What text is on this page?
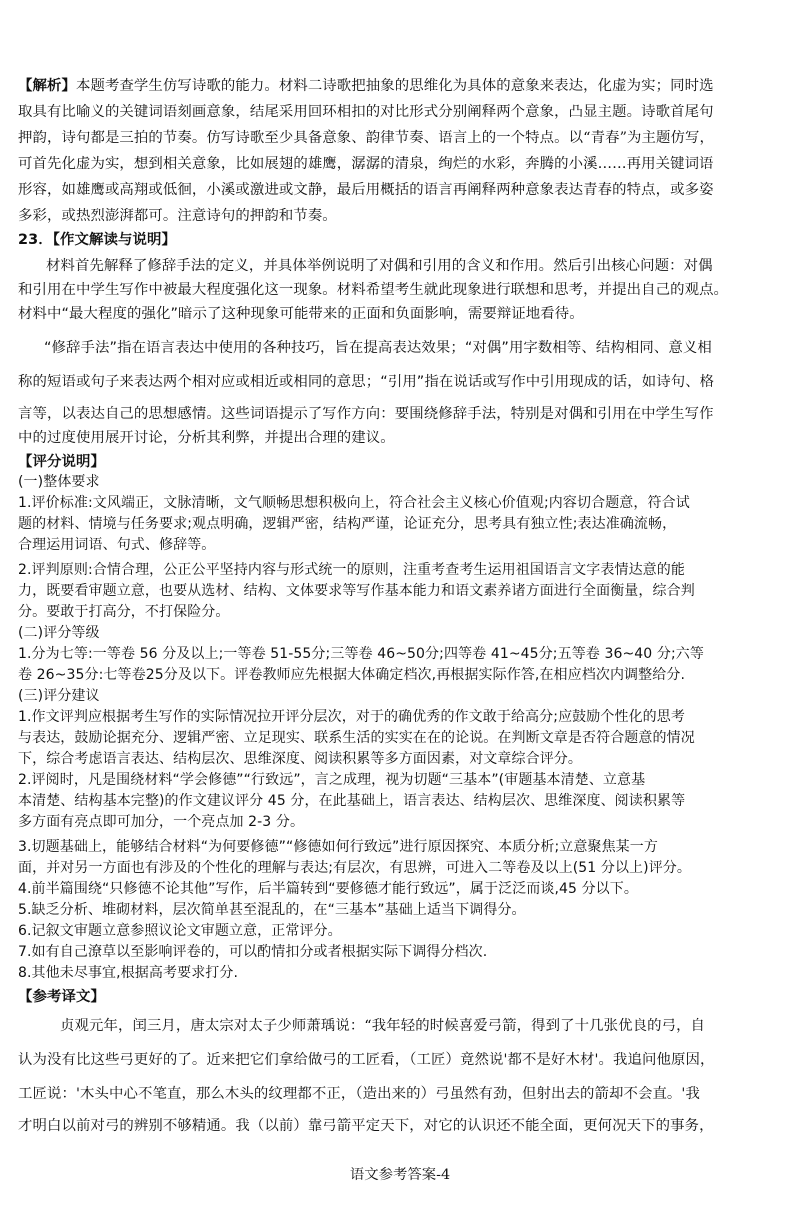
【解析】本题考查学生仿写诗歌的能力。材料二诗歌把抽象的思维化为具体的意象来表达，化虚为实；同时选
取具有比喻义的关键词语刻画意象，结尾采用回环相扣的对比形式分别阐释两个意象，凸显主题。诗歌首尾句
押韵，诗句都是三拍的节奏。仿写诗歌至少具备意象、韵律节奏、语言上的一个特点。以“青春”为主题仿写，
可首先化虚为实，想到相关意象，比如展翅的雄鹰，潺潺的清泉，绚烂的水彩，奔腾的小溪……再用关键词语
形容，如雄鹰或高翔或低徊，小溪或激进或文静，最后用概括的语言再阐释两种意象表达青春的特点，或多姿
多彩，或热烈澎湃都可。注意诗句的押韵和节奏。
23．【作文解读与说明】
材料首先解释了修辞手法的定义，并具体举例说明了对偶和引用的含义和作用。然后引出核心问题：对偶
和引用在中学生写作中被最大程度强化这一现象。材料希望考生就此现象进行联想和思考，并提出自己的观点。
材料中“最大程度的强化”暗示了这种现象可能带来的正面和负面影响，需要辩证地看待。
“修辞手法”指在语言表达中使用的各种技巧，旨在提高表达效果；“对偶”用字数相等、结构相同、意义相
称的短语或句子来表达两个相对应或相近或相同的意思；“引用”指在说话或写作中引用现成的话，如诗句、格
言等，以表达自己的思想感情。这些词语提示了写作方向：要围绕修辞手法，特别是对偶和引用在中学生写作
中的过度使用展开讨论，分析其利弊，并提出合理的建议。
【评分说明】
(一)整体要求
1.评价标准:文风端正，文脉清晰，文气顺畅思想积极向上，符合社会主义核心价值观;内容切合题意，符合试
题的材料、情境与任务要求;观点明确，逻辑严密，结构严谨，论证充分，思考具有独立性;表达准确流畅，
合理运用词语、句式、修辞等。
2.评判原则:合情合理，公正公平坚持内容与形式统一的原则，注重考查考生运用祖国语言文字表情达意的能
力，既要看审题立意，也要从选材、结构、文体要求等写作基本能力和语文素养诸方面进行全面衡量，综合判
分。要敢于打高分，不打保险分。
(二)评分等级
1.分为七等:一等卷 56 分及以上;一等卷 51-55分;三等卷 46~50分;四等卷 41~45分;五等卷 36~40 分;六等
卷 26~35分:七等卷25分及以下。评卷教师应先根据大体确定档次,再根据实际作答,在相应档次内调整给分.
(三)评分建议
1.作文评判应根据考生写作的实际情况拉开评分层次，对于的确优秀的作文敢于给高分;应鼓励个性化的思考
与表达，鼓励论据充分、逻辑严密、立足现实、联系生活的实实在在的论说。在判断文章是否符合题意的情况
下，综合考虑语言表达、结构层次、思维深度、阅读积累等多方面因素，对文章综合评分。
2.评阅时，凡是围绕材料“学会修德”“行致远”，言之成理，视为切题“三基本”(审题基本清楚、立意基
本清楚、结构基本完整)的作文建议评分 45 分，在此基础上，语言表达、结构层次、思维深度、阅读积累等
多方面有亮点即可加分，一个亮点加 2-3 分。
3.切题基础上，能够结合材料“为何要修德”“修德如何行致远”进行原因探究、本质分析;立意聚焦某一方
面，并对另一方面也有涉及的个性化的理解与表达;有层次，有思辨，可进入二等卷及以上(51 分以上)评分。
4.前半篇围绕“只修德不论其他”写作，后半篇转到“要修德才能行致远”，属于泛泛而谈,45 分以下。
5.缺乏分析、堆砌材料，层次简单甚至混乱的，在“三基本”基础上适当下调得分。
6.记叙文审题立意参照议论文审题立意，正常评分。
7.如有自己潦草以至影响评卷的，可以酌情扣分或者根据实际下调得分档次.
8.其他未尽事宜,根据高考要求打分.
【参考译文】
贞观元年，闰三月，唐太宗对太子少师萧瑀说：“我年轻的时候喜爱弓箭，得到了十几张优良的弓，自
认为没有比这些弓更好的了。近来把它们拿给做弓的工匠看，（工匠）竟然说'都不是好木材'。我追问他原因，
工匠说：'木头中心不笔直，那么木头的纹理都不正，（造出来的）弓虽然有劲，但射出去的箭却不会直。'我
才明白以前对弓的辨别不够精通。我（以前）靠弓箭平定天下，对它的认识还不能全面，更何况天下的事务，
语文参考答案-4
